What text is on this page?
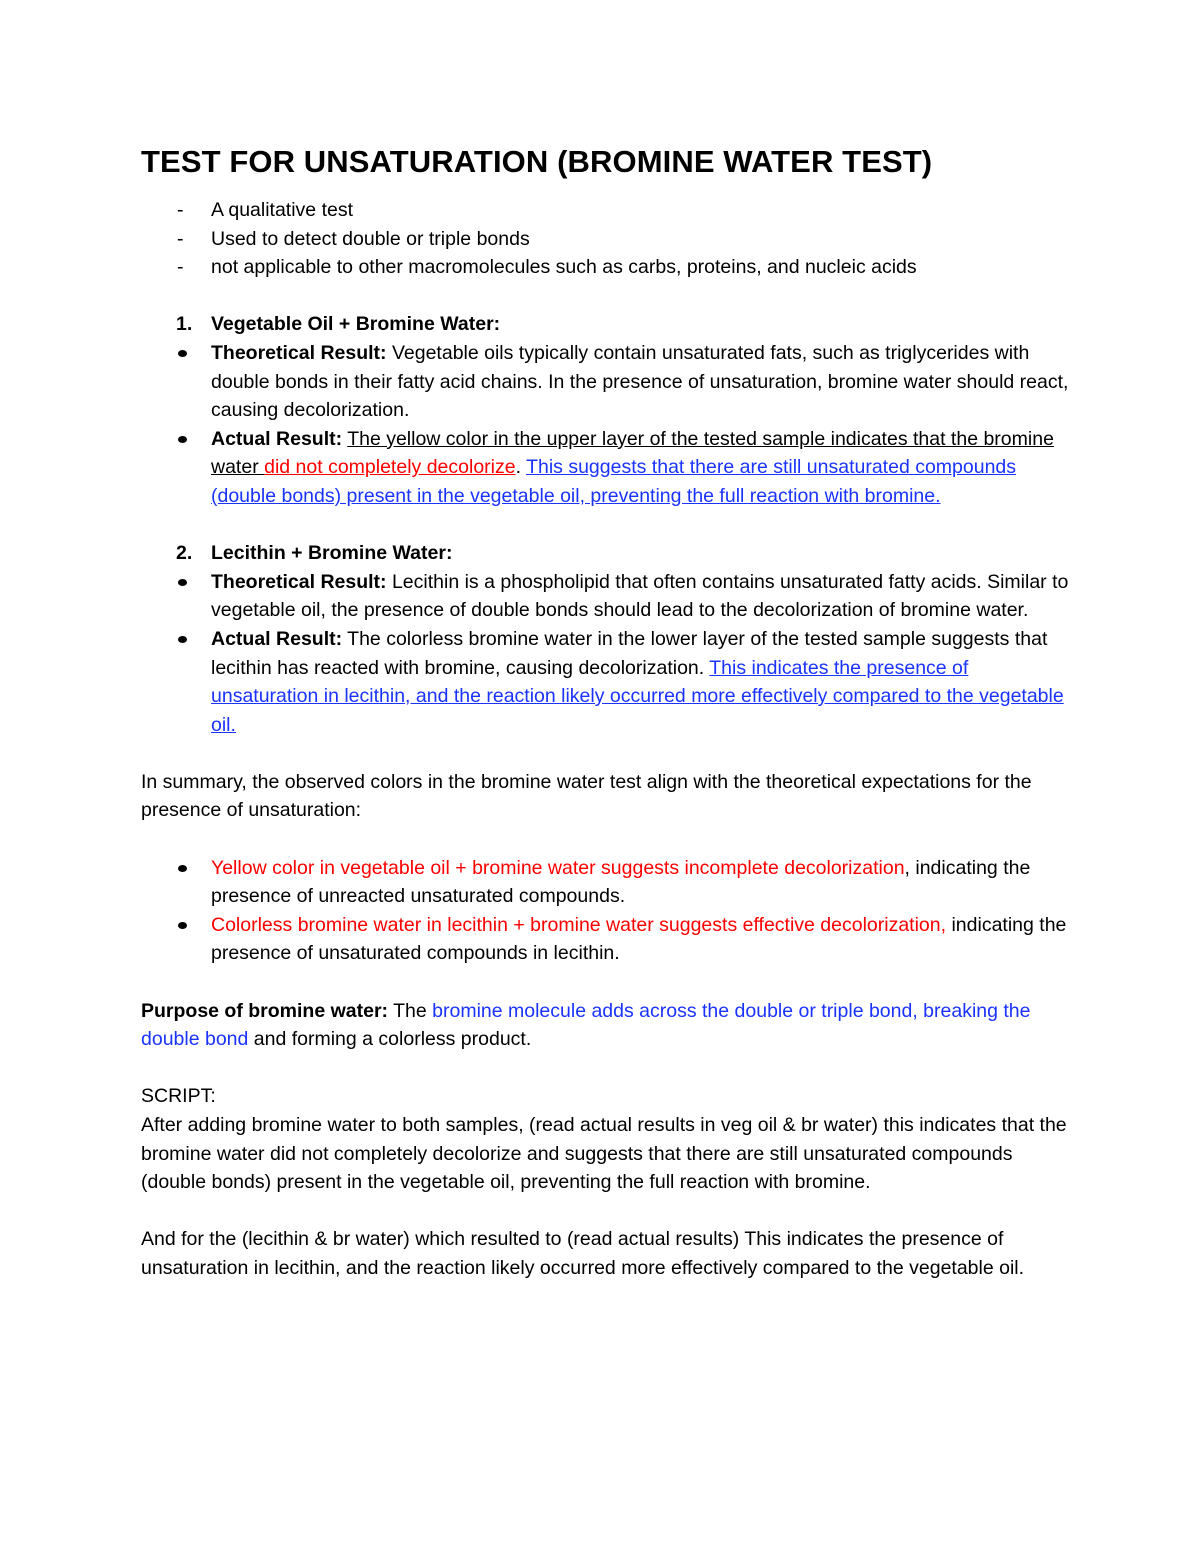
TEST FOR UNSATURATION (BROMINE WATER TEST)
- A qualitative test
- Used to detect double or triple bonds
- not applicable to other macromolecules such as carbs, proteins, and nucleic acids
1. Vegetable Oil + Bromine Water:
Theoretical Result: Vegetable oils typically contain unsaturated fats, such as triglycerides with double bonds in their fatty acid chains. In the presence of unsaturation, bromine water should react, causing decolorization.
Actual Result: The yellow color in the upper layer of the tested sample indicates that the bromine water did not completely decolorize. This suggests that there are still unsaturated compounds (double bonds) present in the vegetable oil, preventing the full reaction with bromine.
2. Lecithin + Bromine Water:
Theoretical Result: Lecithin is a phospholipid that often contains unsaturated fatty acids. Similar to vegetable oil, the presence of double bonds should lead to the decolorization of bromine water.
Actual Result: The colorless bromine water in the lower layer of the tested sample suggests that lecithin has reacted with bromine, causing decolorization. This indicates the presence of unsaturation in lecithin, and the reaction likely occurred more effectively compared to the vegetable oil.

In summary, the observed colors in the bromine water test align with the theoretical expectations for the presence of unsaturation:

Yellow color in vegetable oil + bromine water suggests incomplete decolorization, indicating the presence of unreacted unsaturated compounds.
Colorless bromine water in lecithin + bromine water suggests effective decolorization, indicating the presence of unsaturated compounds in lecithin.

Purpose of bromine water: The bromine molecule adds across the double or triple bond, breaking the double bond and forming a colorless product.

SCRIPT:

After adding bromine water to both samples, (read actual results in veg oil & br water) this indicates that the bromine water did not completely decolorize and suggests that there are still unsaturated compounds (double bonds) present in the vegetable oil, preventing the full reaction with bromine.

And for the (lecithin & br water) which resulted to (read actual results) This indicates the presence of unsaturation in lecithin, and the reaction likely occurred more effectively compared to the vegetable oil.
